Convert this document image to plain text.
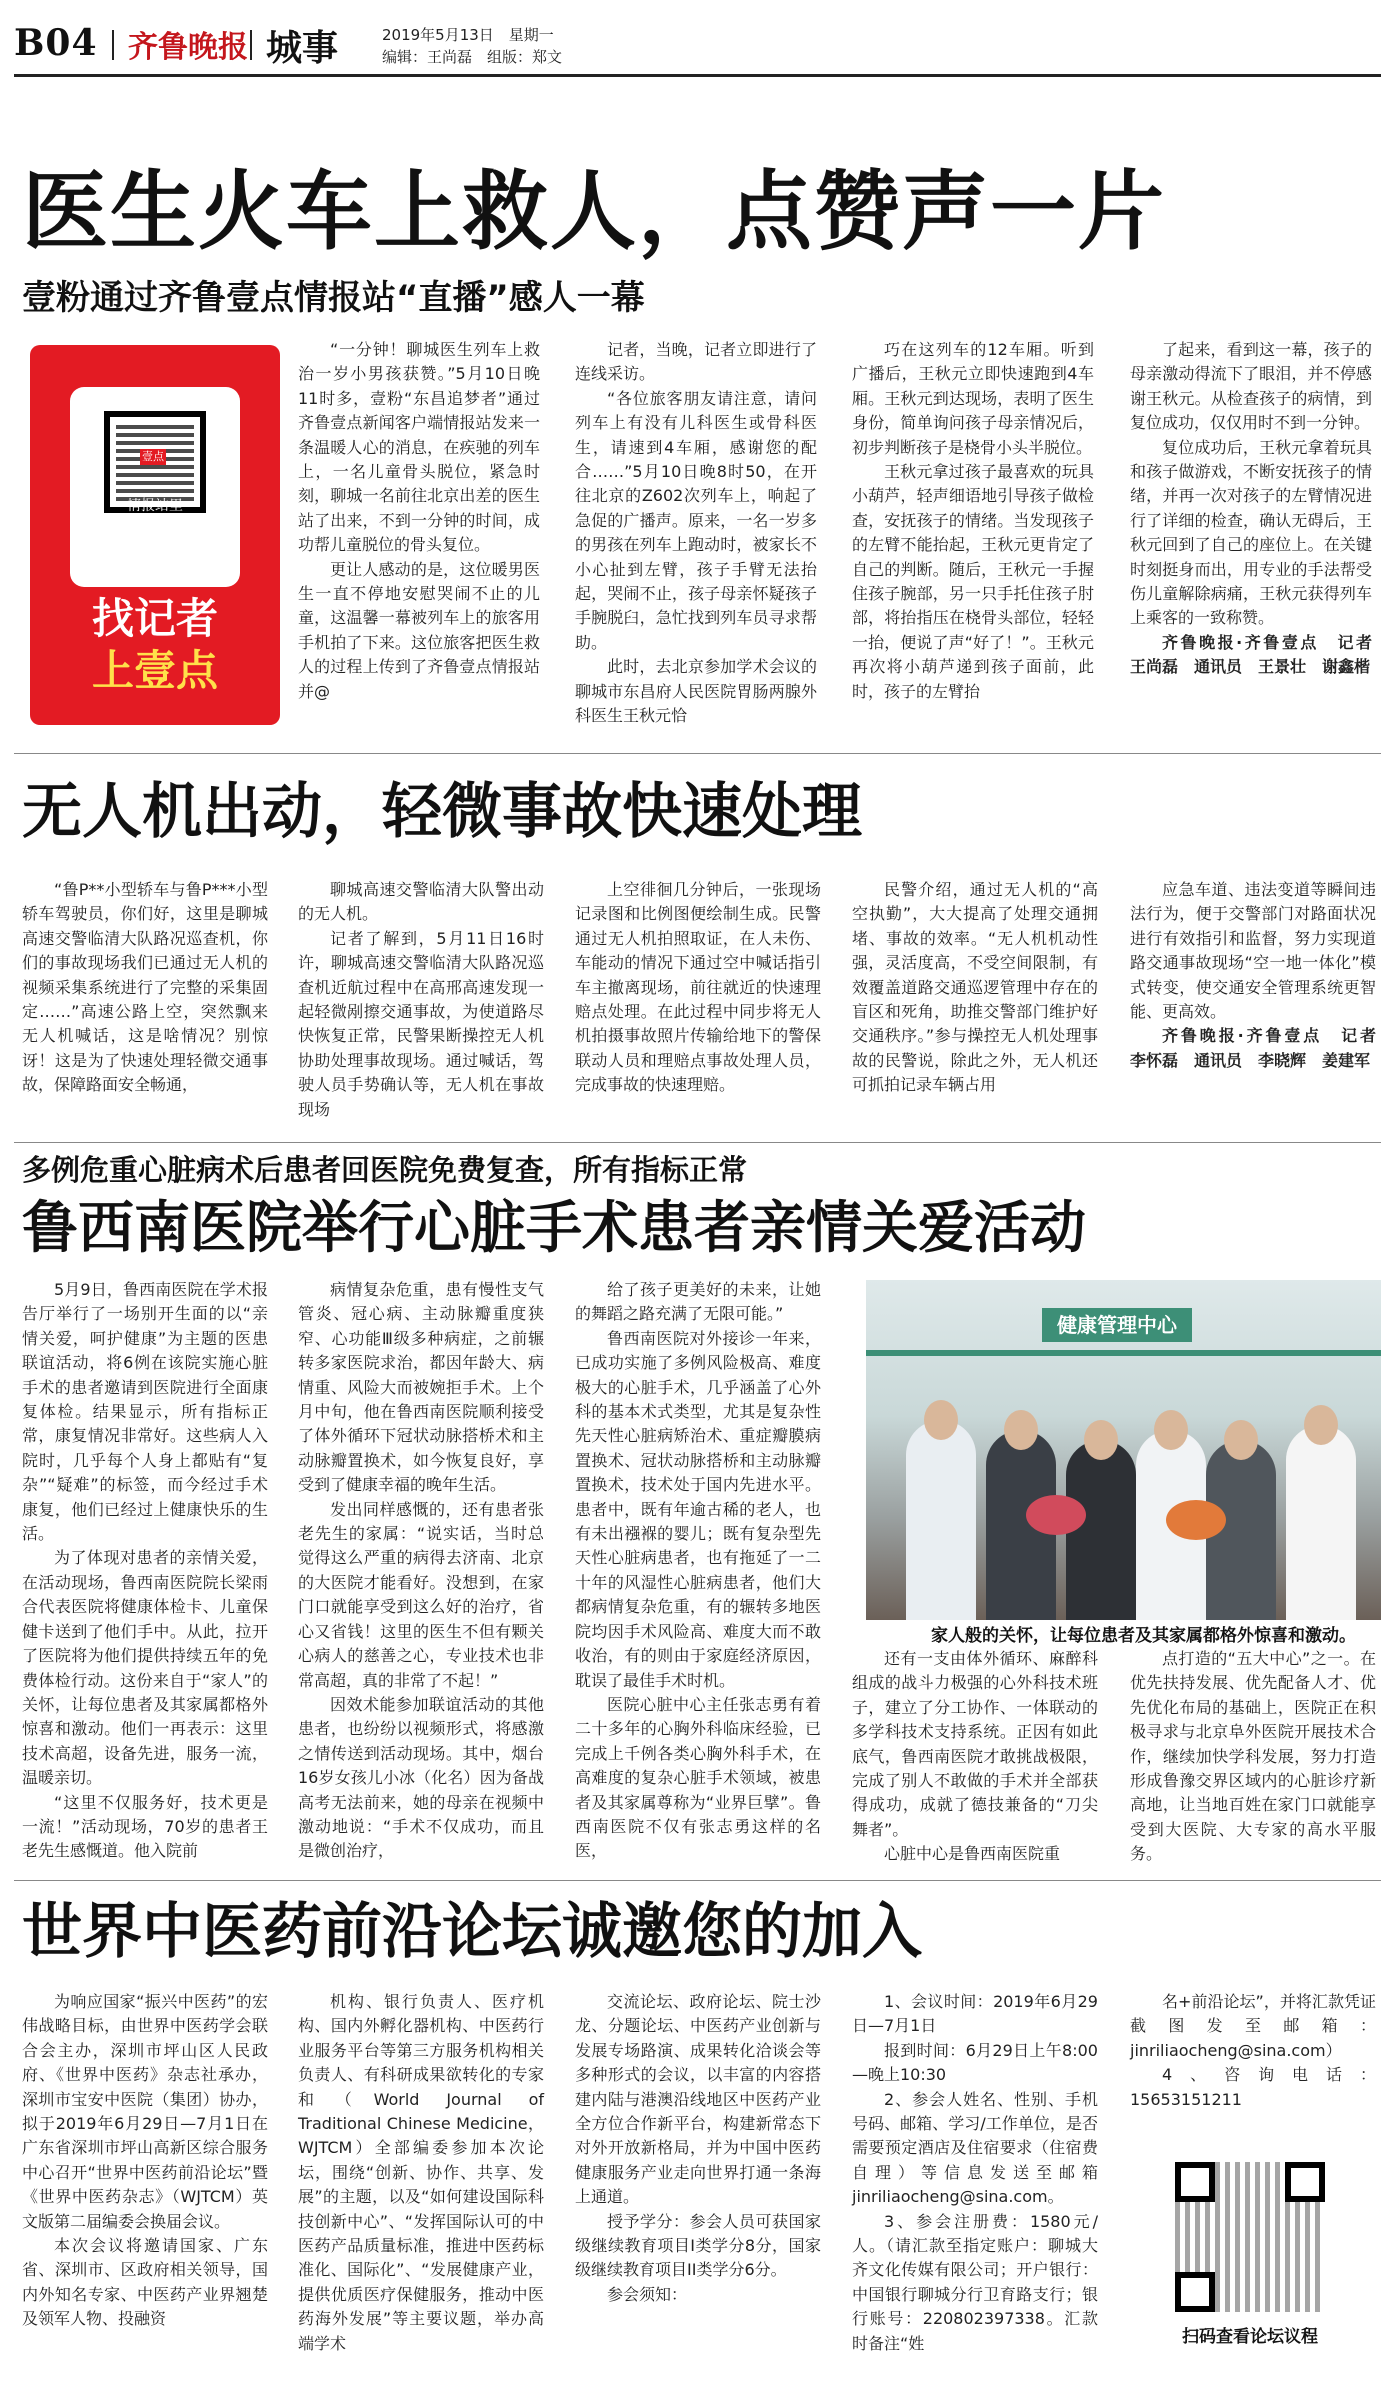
B04 齐鲁晚报 城事	2019年5月13日　星期一
编辑：王尚磊　组版：郑文
医生火车上救人，点赞声一片
壹粉通过齐鲁壹点情报站“直播”感人一幕
壹点
情报站里
500记者在等你
找记者
上壹点

“一分钟！聊城医生列车上救治一岁小男孩获赞。”5月10日晚11时多，壹粉“东昌追梦者”通过齐鲁壹点新闻客户端情报站发来一条温暖人心的消息，在疾驰的列车上，一名儿童骨头脱位，紧急时刻，聊城一名前往北京出差的医生站了出来，不到一分钟的时间，成功帮儿童脱位的骨头复位。

更让人感动的是，这位暖男医生一直不停地安慰哭闹不止的儿童，这温馨一幕被列车上的旅客用手机拍了下来。这位旅客把医生救人的过程上传到了齐鲁壹点情报站并@

记者，当晚，记者立即进行了连线采访。

“各位旅客朋友请注意，请问列车上有没有儿科医生或骨科医生，请速到4车厢，感谢您的配合……”5月10日晚8时50，在开往北京的Z602次列车上，响起了急促的广播声。原来，一名一岁多的男孩在列车上跑动时，被家长不小心扯到左臂，孩子手臂无法抬起，哭闹不止，孩子母亲怀疑孩子手腕脱臼，急忙找到列车员寻求帮助。

此时，去北京参加学术会议的聊城市东昌府人民医院胃肠两腺外科医生王秋元恰

巧在这列车的12车厢。听到广播后，王秋元立即快速跑到4车厢。王秋元到达现场，表明了医生身份，简单询问孩子母亲情况后，初步判断孩子是桡骨小头半脱位。

王秋元拿过孩子最喜欢的玩具小葫芦，轻声细语地引导孩子做检查，安抚孩子的情绪。当发现孩子的左臂不能抬起，王秋元更肯定了自己的判断。随后，王秋元一手握住孩子腕部，另一只手托住孩子肘部，将抬指压在桡骨头部位，轻轻一抬，便说了声“好了！”。王秋元再次将小葫芦递到孩子面前，此时，孩子的左臂抬

了起来，看到这一幕，孩子的母亲激动得流下了眼泪，并不停感谢王秋元。从检查孩子的病情，到复位成功，仅仅用时不到一分钟。

复位成功后，王秋元拿着玩具和孩子做游戏，不断安抚孩子的情绪，并再一次对孩子的左臂情况进行了详细的检查，确认无碍后，王秋元回到了自己的座位上。在关键时刻挺身而出，用专业的手法帮受伤儿童解除病痛，王秋元获得列车上乘客的一致称赞。

齐鲁晚报·齐鲁壹点　记者　王尚磊　通讯员　王景壮　谢鑫楷

无人机出动，轻微事故快速处理

“鲁P**小型轿车与鲁P***小型轿车驾驶员，你们好，这里是聊城高速交警临清大队路况巡查机，你们的事故现场我们已通过无人机的视频采集系统进行了完整的采集固定……”高速公路上空，突然飘来无人机喊话，这是啥情况？别惊讶！这是为了快速处理轻微交通事故，保障路面安全畅通，

聊城高速交警临清大队警出动的无人机。

记者了解到，5月11日16时许，聊城高速交警临清大队路况巡查机近航过程中在高邢高速发现一起轻微剐擦交通事故，为使道路尽快恢复正常，民警果断操控无人机协助处理事故现场。通过喊话，驾驶人员手势确认等，无人机在事故现场

上空徘徊几分钟后，一张现场记录图和比例图便绘制生成。民警通过无人机拍照取证，在人未伤、车能动的情况下通过空中喊话指引车主撤离现场，前往就近的快速理赔点处理。在此过程中同步将无人机拍摄事故照片传输给地下的警保联动人员和理赔点事故处理人员，完成事故的快速理赔。

民警介绍，通过无人机的“高空执勤”，大大提高了处理交通拥堵、事故的效率。“无人机机动性强，灵活度高，不受空间限制，有效覆盖道路交通巡逻管理中存在的盲区和死角，助推交警部门维护好交通秩序。”参与操控无人机处理事故的民警说，除此之外，无人机还可抓拍记录车辆占用

应急车道、违法变道等瞬间违法行为，便于交警部门对路面状况进行有效指引和监督，努力实现道路交通事故现场“空一地一体化”模式转变，使交通安全管理系统更智能、更高效。

齐鲁晚报·齐鲁壹点　记者　李怀磊　通讯员　李晓辉　姜建军

多例危重心脏病术后患者回医院免费复查，所有指标正常
鲁西南医院举行心脏手术患者亲情关爱活动

5月9日，鲁西南医院在学术报告厅举行了一场别开生面的以“亲情关爱，呵护健康”为主题的医患联谊活动，将6例在该院实施心脏手术的患者邀请到医院进行全面康复体检。结果显示，所有指标正常，康复情况非常好。这些病人入院时，几乎每个人身上都贴有“复杂”“疑难”的标签，而今经过手术康复，他们已经过上健康快乐的生活。

为了体现对患者的亲情关爱，在活动现场，鲁西南医院院长梁雨合代表医院将健康体检卡、儿童保健卡送到了他们手中。从此，拉开了医院将为他们提供持续五年的免费体检行动。这份来自于“家人”的关怀，让每位患者及其家属都格外惊喜和激动。他们一再表示：这里技术高超，设备先进，服务一流，温暖亲切。

“这里不仅服务好，技术更是一流！”活动现场，70岁的患者王老先生感慨道。他入院前

病情复杂危重，患有慢性支气管炎、冠心病、主动脉瓣重度狭窄、心功能Ⅲ级多种病症，之前辗转多家医院求治，都因年龄大、病情重、风险大而被婉拒手术。上个月中旬，他在鲁西南医院顺利接受了体外循环下冠状动脉搭桥术和主动脉瓣置换术，如今恢复良好，享受到了健康幸福的晚年生活。

发出同样感慨的，还有患者张老先生的家属：“说实话，当时总觉得这么严重的病得去济南、北京的大医院才能看好。没想到，在家门口就能享受到这么好的治疗，省心又省钱！这里的医生不但有颗关心病人的慈善之心，专业技术也非常高超，真的非常了不起！”

因效术能参加联谊活动的其他患者，也纷纷以视频形式，将感激之情传送到活动现场。其中，烟台16岁女孩儿小冰（化名）因为备战高考无法前来，她的母亲在视频中激动地说：“手术不仅成功，而且是微创治疗，

给了孩子更美好的未来，让她的舞蹈之路充满了无限可能。”

鲁西南医院对外接诊一年来，已成功实施了多例风险极高、难度极大的心脏手术，几乎涵盖了心外科的基本术式类型，尤其是复杂性先天性心脏病矫治术、重症瓣膜病置换术、冠状动脉搭桥和主动脉瓣置换术，技术处于国内先进水平。患者中，既有年逾古稀的老人，也有未出襁褓的婴儿；既有复杂型先天性心脏病患者，也有拖延了一二十年的风湿性心脏病患者，他们大都病情复杂危重，有的辗转多地医院均因手术风险高、难度大而不敢收治，有的则由于家庭经济原因，耽误了最佳手术时机。

医院心脏中心主任张志勇有着二十多年的心胸外科临床经验，已完成上千例各类心胸外科手术，在高难度的复杂心脏手术领域，被患者及其家属尊称为“业界巨擘”。鲁西南医院不仅有张志勇这样的名医，

健康管理中心
家人般的关怀，让每位患者及其家属都格外惊喜和激动。

还有一支由体外循环、麻醉科组成的战斗力极强的心外科技术班子，建立了分工协作、一体联动的多学科技术支持系统。正因有如此底气，鲁西南医院才敢挑战极限，完成了别人不敢做的手术并全部获得成功，成就了德技兼备的“刀尖舞者”。

心脏中心是鲁西南医院重

点打造的“五大中心”之一。在优先扶持发展、优先配备人才、优先优化布局的基础上，医院正在积极寻求与北京阜外医院开展技术合作，继续加快学科发展，努力打造形成鲁豫交界区域内的心脏诊疗新高地，让当地百姓在家门口就能享受到大医院、大专家的高水平服务。

世界中医药前沿论坛诚邀您的加入

为响应国家“振兴中医药”的宏伟战略目标，由世界中医药学会联合会主办，深圳市坪山区人民政府、《世界中医药》杂志社承办，深圳市宝安中医院（集团）协办，拟于2019年6月29日—7月1日在广东省深圳市坪山高新区综合服务中心召开“世界中医药前沿论坛”暨《世界中医药杂志》（WJTCM）英文版第二届编委会换届会议。

本次会议将邀请国家、广东省、深圳市、区政府相关领导，国内外知名专家、中医药产业界翘楚及领军人物、投融资

机构、银行负责人、医疗机构、国内外孵化器机构、中医药行业服务平台等第三方服务机构相关负责人、有科研成果欲转化的专家和（World Journal of Traditional Chinese Medicine，WJTCM）全部编委参加本次论坛，围绕“创新、协作、共享、发展”的主题，以及“如何建设国际科技创新中心”、“发挥国际认可的中医药产品质量标准，推进中医药标准化、国际化”、“发展健康产业，提供优质医疗保健服务，推动中医药海外发展”等主要议题，举办高端学术

交流论坛、政府论坛、院士沙龙、分题论坛、中医药产业创新与发展专场路演、成果转化洽谈会等多种形式的会议，以丰富的内容搭建内陆与港澳沿线地区中医药产业全方位合作新平台，构建新常态下对外开放新格局，并为中国中医药健康服务产业走向世界打通一条海上通道。

授予学分：参会人员可获国家级继续教育项目I类学分8分，国家级继续教育项目II类学分6分。

参会须知：

1、会议时间：2019年6月29日—7月1日

报到时间：6月29日上午8:00—晚上10:30

2、参会人姓名、性别、手机号码、邮箱、学习/工作单位，是否需要预定酒店及住宿要求（住宿费自理）等信息发送至邮箱jinriliaocheng@sina.com。

3、参会注册费：1580元/人。（请汇款至指定账户：聊城大齐文化传媒有限公司；开户银行：中国银行聊城分行卫育路支行；银行账号：220802397338。汇款时备注“姓

名+前沿论坛”，并将汇款凭证截图发至邮箱：jinriliaocheng@sina.com）

4、咨询电话：15653151211

扫码查看论坛议程
